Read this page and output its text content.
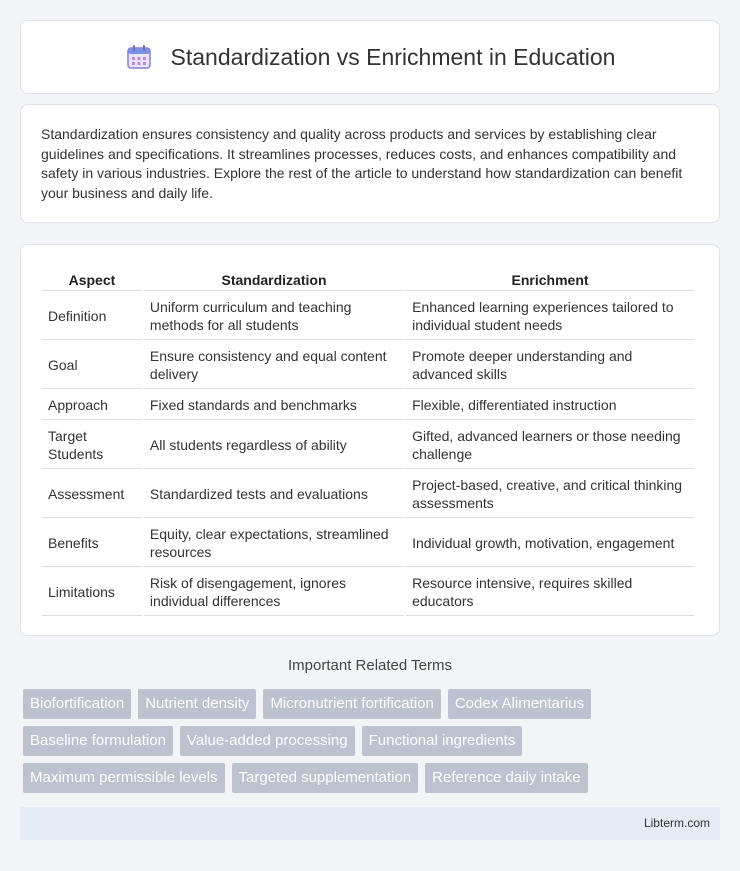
Standardization vs Enrichment in Education

Standardization ensures consistency and quality across products and services by establishing clear guidelines and specifications. It streamlines processes, reduces costs, and enhances compatibility and safety in various industries. Explore the rest of the article to understand how standardization can benefit your business and daily life.

Aspect	Standardization	Enrichment
Definition	Uniform curriculum and teaching methods for all students	Enhanced learning experiences tailored to individual student needs
Goal	Ensure consistency and equal content delivery	Promote deeper understanding and advanced skills
Approach	Fixed standards and benchmarks	Flexible, differentiated instruction
Target Students	All students regardless of ability	Gifted, advanced learners or those needing challenge
Assessment	Standardized tests and evaluations	Project-based, creative, and critical thinking assessments
Benefits	Equity, clear expectations, streamlined resources	Individual growth, motivation, engagement
Limitations	Risk of disengagement, ignores individual differences	Resource intensive, requires skilled educators
Important Related Terms
Biofortification	Nutrient density	Micronutrient fortification	Codex Alimentarius
Baseline formulation	Value-added processing	Functional ingredients
Maximum permissible levels	Targeted supplementation	Reference daily intake
Libterm.com
